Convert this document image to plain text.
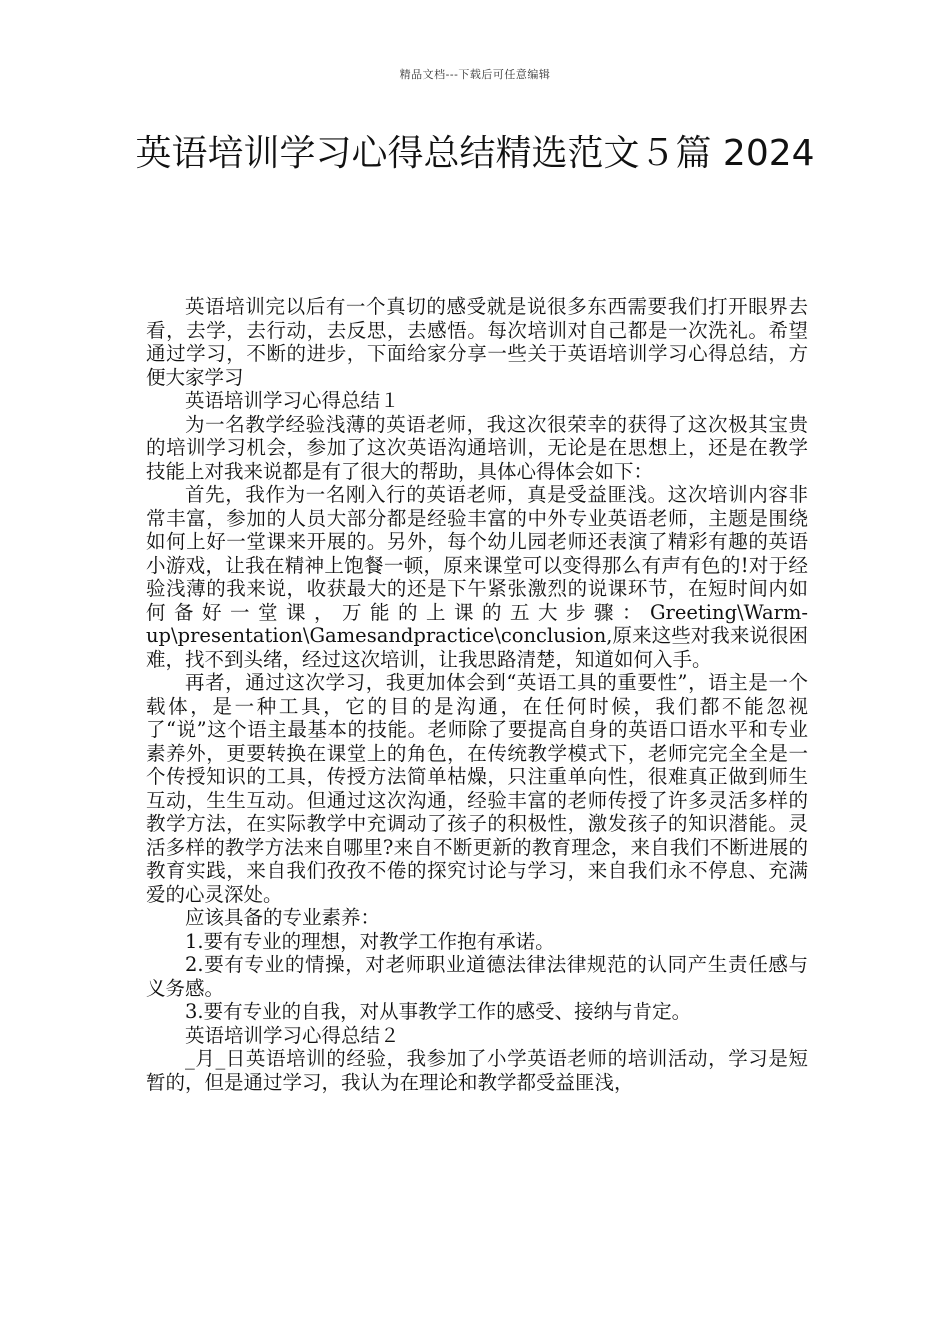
精品文档---下载后可任意编辑
英语培训学习心得总结精选范文５篇 2024

英语培训完以后有一个真切的感受就是说很多东西需要我们打开眼界去看，去学，去行动，去反思，去感悟。每次培训对自己都是一次洗礼。希望通过学习，不断的进步，下面给家分享一些关于英语培训学习心得总结，方便大家学习

英语培训学习心得总结１

为一名教学经验浅薄的英语老师，我这次很荣幸的获得了这次极其宝贵的培训学习机会，参加了这次英语沟通培训，无论是在思想上，还是在教学技能上对我来说都是有了很大的帮助，具体心得体会如下：

首先，我作为一名刚入行的英语老师，真是受益匪浅。这次培训内容非常丰富，参加的人员大部分都是经验丰富的中外专业英语老师，主题是围绕如何上好一堂课来开展的。另外，每个幼儿园老师还表演了精彩有趣的英语小游戏，让我在精神上饱餐一顿，原来课堂可以变得那么有声有色的!对于经验浅薄的我来说，收获最大的还是下午紧张激烈的说课环节，在短时间内如何备好一堂课，万能的上课的五大步骤：Greeting\Warm-up\presentation\Gamesandpractice\conclusion,原来这些对我来说很困难，找不到头绪，经过这次培训，让我思路清楚，知道如何入手。

再者，通过这次学习，我更加体会到“英语工具的重要性”，语主是一个载体，是一种工具，它的目的是沟通，在任何时候，我们都不能忽视了“说”这个语主最基本的技能。老师除了要提高自身的英语口语水平和专业素养外，更要转换在课堂上的角色，在传统教学模式下，老师完完全全是一个传授知识的工具，传授方法简单枯燥，只注重单向性，很难真正做到师生互动，生生互动。但通过这次沟通，经验丰富的老师传授了许多灵活多样的教学方法，在实际教学中充调动了孩子的积极性，激发孩子的知识潜能。灵活多样的教学方法来自哪里?来自不断更新的教育理念，来自我们不断进展的教育实践，来自我们孜孜不倦的探究讨论与学习，来自我们永不停息、充满爱的心灵深处。

应该具备的专业素养：

1.要有专业的理想，对教学工作抱有承诺。

2.要有专业的情操，对老师职业道德法律法律规范的认同产生责任感与义务感。

3.要有专业的自我，对从事教学工作的感受、接纳与肯定。

英语培训学习心得总结２

_月_日英语培训的经验，我参加了小学英语老师的培训活动，学习是短暂的，但是通过学习，我认为在理论和教学都受益匪浅，
